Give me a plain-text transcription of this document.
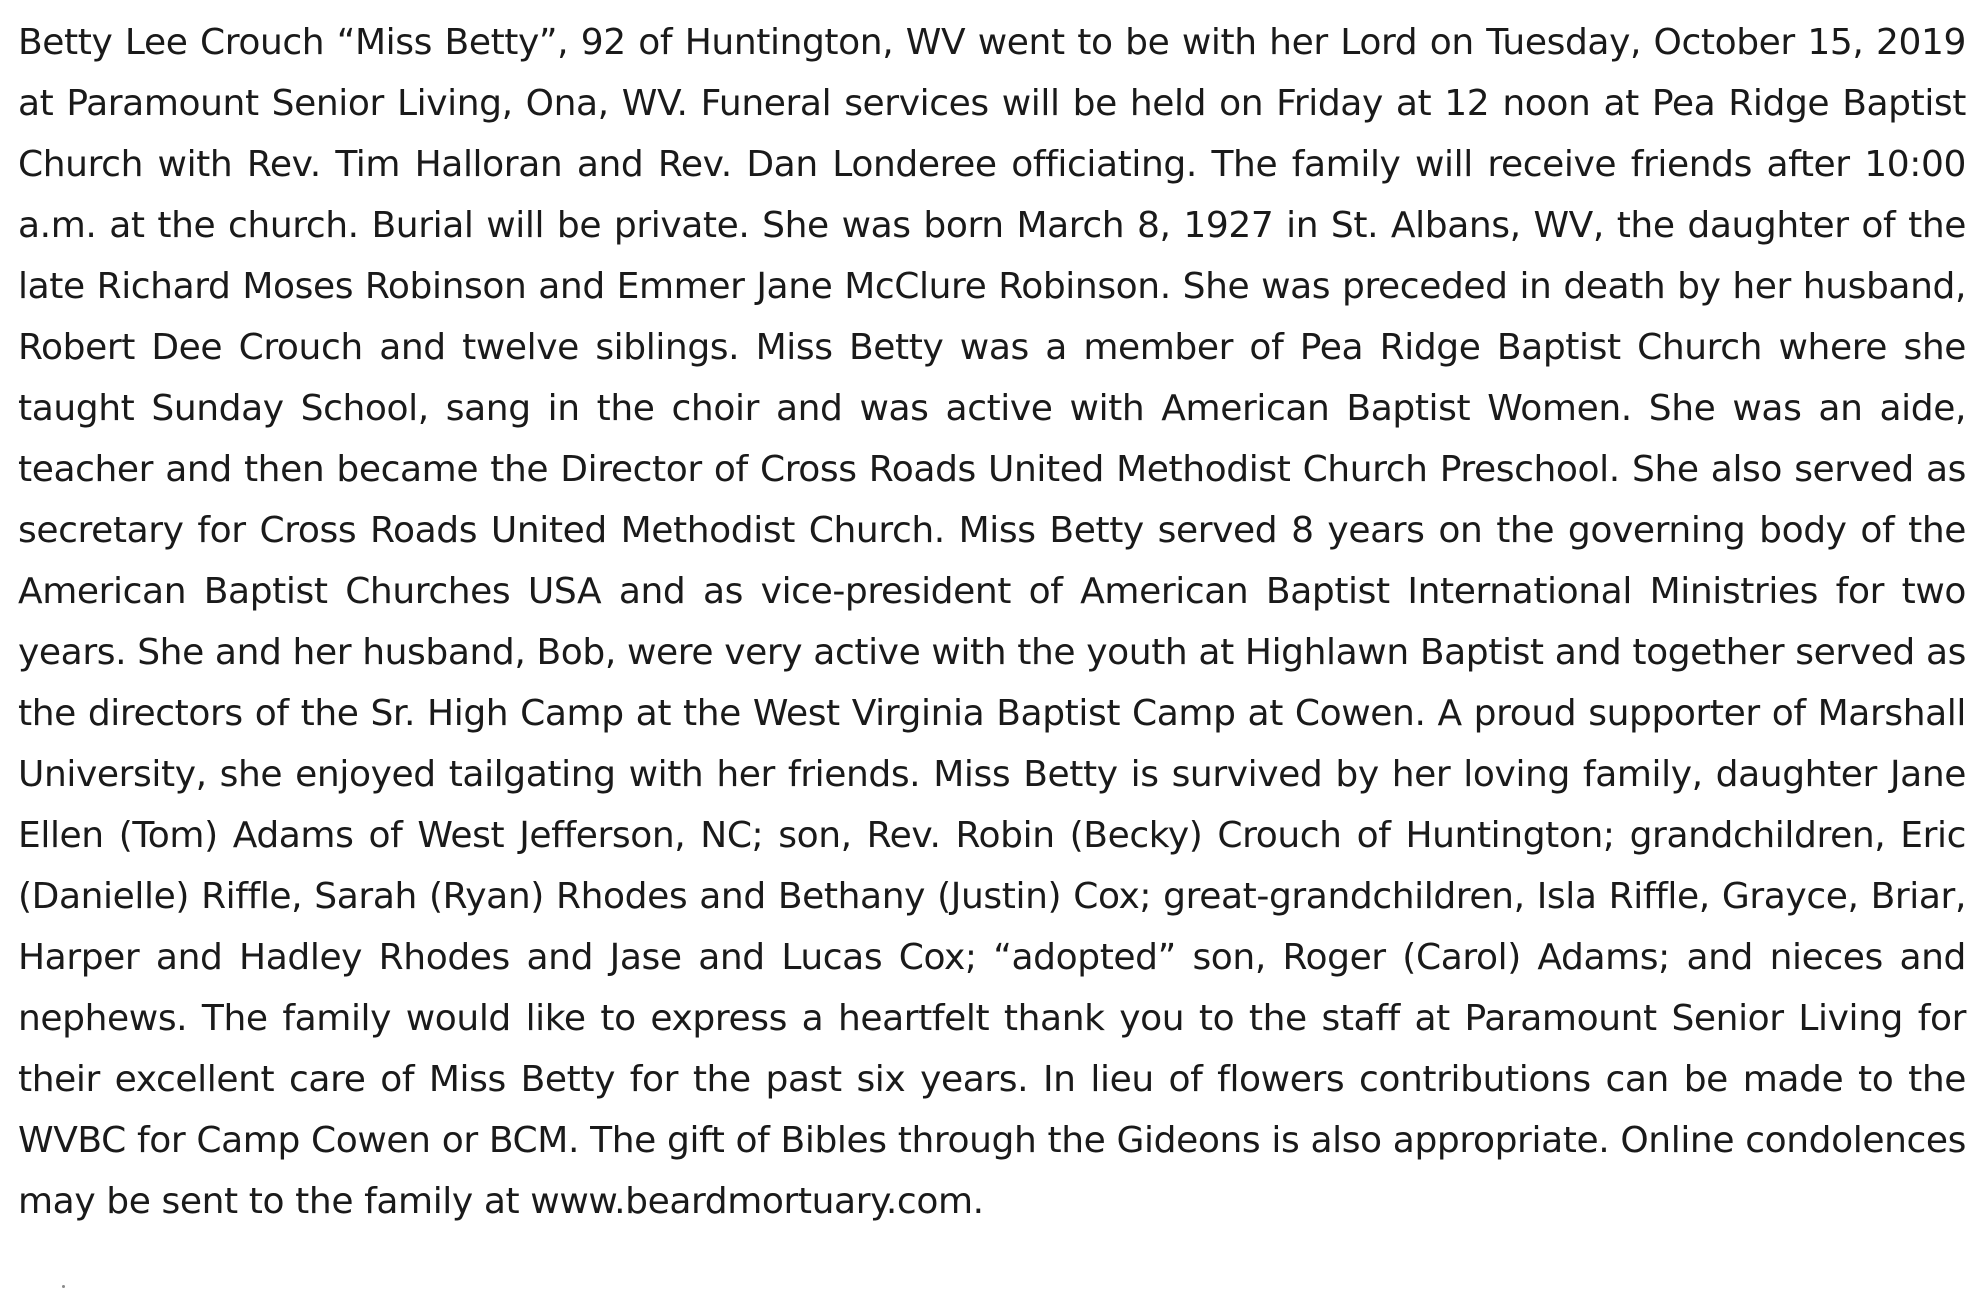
Betty Lee Crouch “Miss Betty”, 92 of Huntington, WV went to be with her Lord on Tuesday, October 15, 2019 at Paramount Senior Living, Ona, WV. Funeral services will be held on Friday at 12 noon at Pea Ridge Baptist Church with Rev. Tim Halloran and Rev. Dan Londeree officiating. The family will receive friends after 10:00 a.m. at the church. Burial will be private. She was born March 8, 1927 in St. Albans, WV, the daughter of the late Richard Moses Robinson and Emmer Jane McClure Robinson. She was preceded in death by her husband, Robert Dee Crouch and twelve siblings. Miss Betty was a member of Pea Ridge Baptist Church where she taught Sunday School, sang in the choir and was active with American Baptist Women. She was an aide, teacher and then became the Director of Cross Roads United Methodist Church Preschool. She also served as secretary for Cross Roads United Methodist Church. Miss Betty served 8 years on the governing body of the American Baptist Churches USA and as vice-president of American Baptist International Ministries for two years. She and her husband, Bob, were very active with the youth at Highlawn Baptist and together served as the directors of the Sr. High Camp at the West Virginia Baptist Camp at Cowen. A proud supporter of Marshall University, she enjoyed tailgating with her friends. Miss Betty is survived by her loving family, daughter Jane Ellen (Tom) Adams of West Jefferson, NC; son, Rev. Robin (Becky) Crouch of Huntington; grandchildren, Eric (Danielle) Riffle, Sarah (Ryan) Rhodes and Bethany (Justin) Cox; great-grandchildren, Isla Riffle, Grayce, Briar, Harper and Hadley Rhodes and Jase and Lucas Cox; “adopted” son, Roger (Carol) Adams; and nieces and nephews. The family would like to express a heartfelt thank you to the staff at Paramount Senior Living for their excellent care of Miss Betty for the past six years. In lieu of flowers contributions can be made to the WVBC for Camp Cowen or BCM. The gift of Bibles through the Gideons is also appropriate. Online condolences may be sent to the family at www.beardmortuary.com.
